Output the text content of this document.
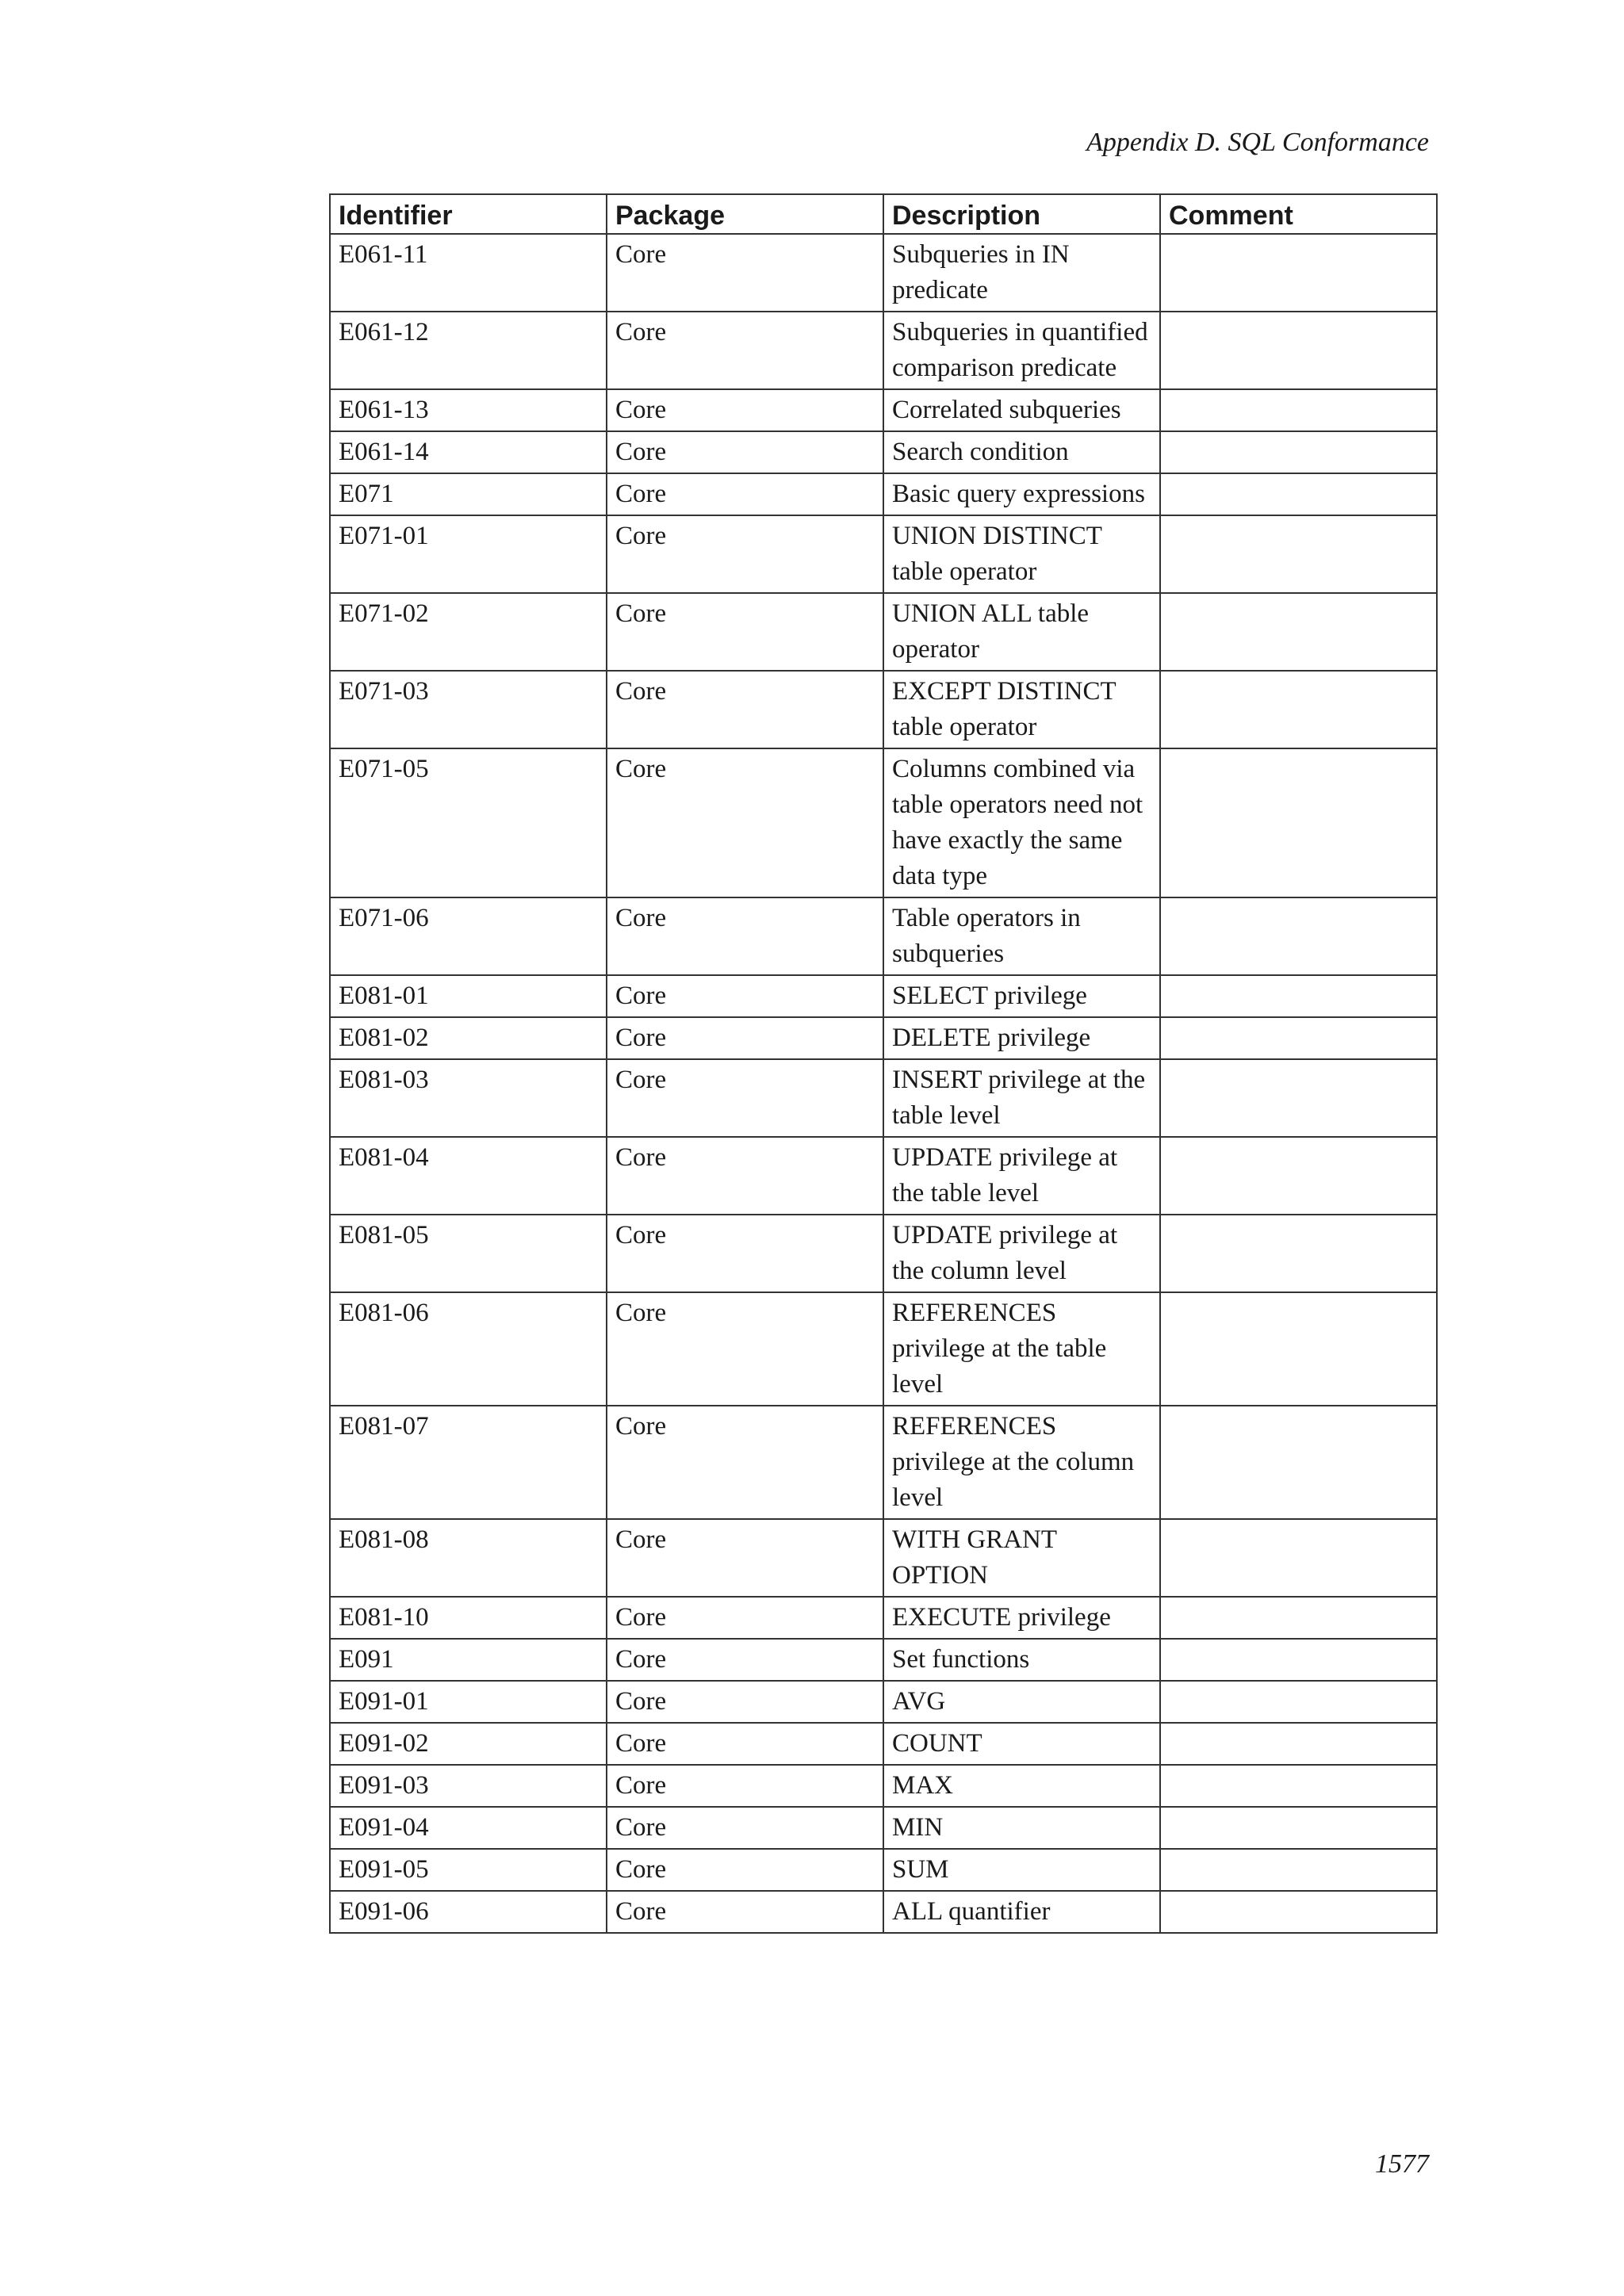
Appendix D. SQL Conformance
Identifier	Package	Description	Comment
E061-11	Core	Subqueries in IN predicate	
E061-12	Core	Subqueries in quantified comparison predicate	
E061-13	Core	Correlated subqueries	
E061-14	Core	Search condition	
E071	Core	Basic query expressions	
E071-01	Core	UNION DISTINCT table operator	
E071-02	Core	UNION ALL table operator	
E071-03	Core	EXCEPT DISTINCT table operator	
E071-05	Core	Columns combined via table operators need not have exactly the same data type	
E071-06	Core	Table operators in subqueries	
E081-01	Core	SELECT privilege	
E081-02	Core	DELETE privilege	
E081-03	Core	INSERT privilege at the table level	
E081-04	Core	UPDATE privilege at the table level	
E081-05	Core	UPDATE privilege at the column level	
E081-06	Core	REFERENCES privilege at the table level	
E081-07	Core	REFERENCES privilege at the column level	
E081-08	Core	WITH GRANT OPTION	
E081-10	Core	EXECUTE privilege	
E091	Core	Set functions	
E091-01	Core	AVG	
E091-02	Core	COUNT	
E091-03	Core	MAX	
E091-04	Core	MIN	
E091-05	Core	SUM	
E091-06	Core	ALL quantifier	
1577
